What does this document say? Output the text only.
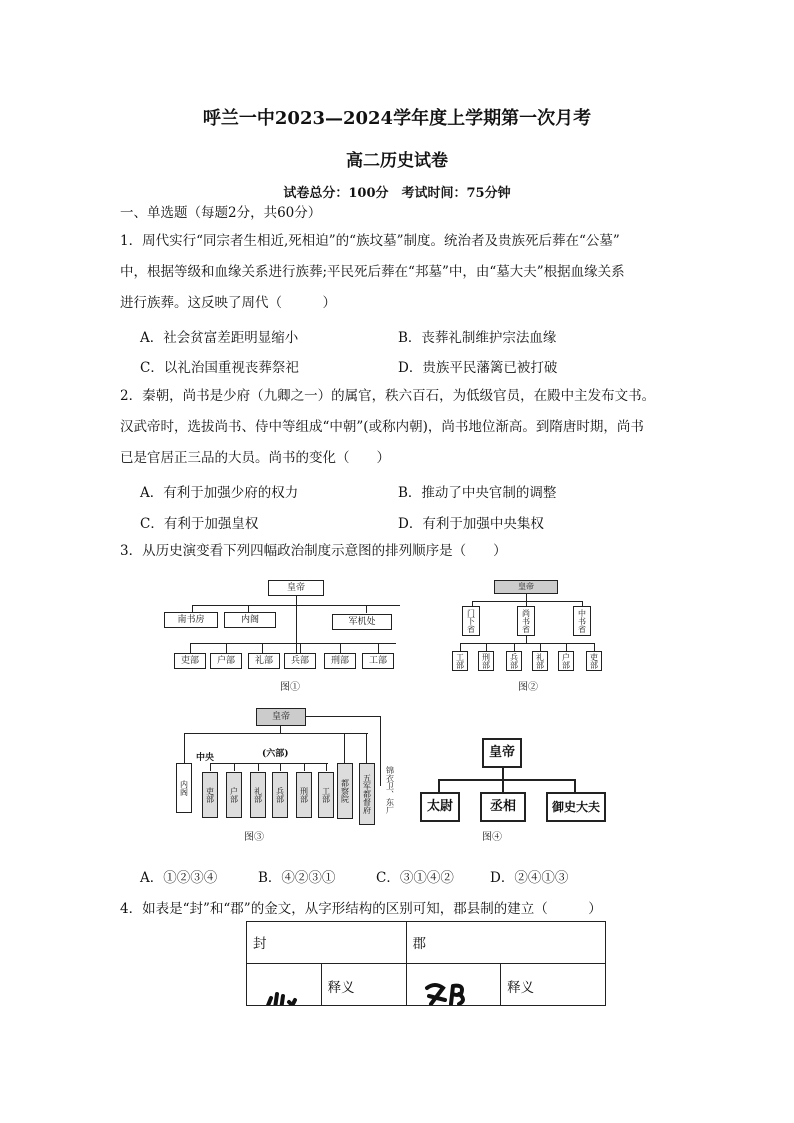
呼兰一中2023—2024学年度上学期第一次月考
高二历史试卷
试卷总分：100分　考试时间：75分钟
一、单选题（每题2分，共60分）
1．周代实行“同宗者生相近,死相迫”的“族坟墓”制度。统治者及贵族死后葬在“公墓”
中，根据等级和血缘关系进行族葬;平民死后葬在“邦墓”中，由“墓大夫”根据血缘关系
进行族葬。这反映了周代（　　　）
A．社会贫富差距明显缩小	B．丧葬礼制维护宗法血缘
C．以礼治国重视丧葬祭祀	D．贵族平民藩篱已被打破
2．秦朝，尚书是少府（九卿之一）的属官，秩六百石，为低级官员，在殿中主发布文书。
汉武帝时，选拔尚书、侍中等组成“中朝”(或称内朝)，尚书地位渐高。到隋唐时期，尚书
已是官居正三品的大员。尚书的变化（　　）
A．有利于加强少府的权力	B．推动了中央官制的调整
C．有利于加强皇权	D．有利于加强中央集权
3．从历史演变看下列四幅政治制度示意图的排列顺序是（　　）
皇帝
南书房	内阁	军机处
吏部	户部	礼部	兵部	刑部	工部
图①
皇帝
门下省	尚书省	中书省
工部	刑部	兵部	礼部	户部	吏部
图②
皇帝
中央	(六部)
内阁	吏部	户部	礼部	兵部	刑部	工部	都察院	五军都督府	锦衣卫、东厂
图③
皇帝
太尉	丞相	御史大夫
图④
A．①②③④	B．④②③①	C．③①④②	D．②④①③
4．如表是“封”和“郡”的金文，从字形结构的区别可知，郡县制的建立（　　　）
封		郡	

	释义		释义
